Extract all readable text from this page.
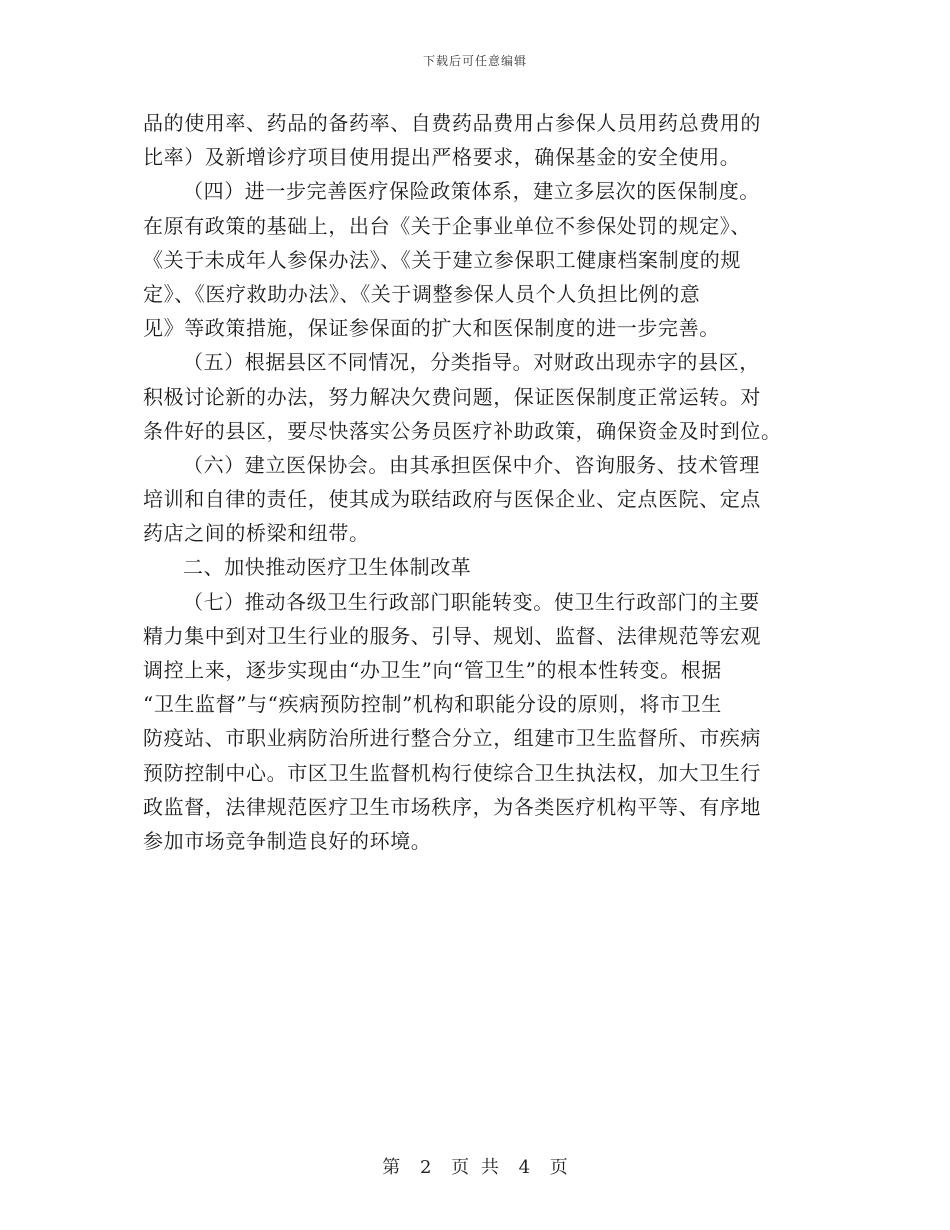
下载后可任意编辑
品的使用率、药品的备药率、自费药品费用占参保人员用药总费用的
比率）及新增诊疗项目使用提出严格要求，确保基金的安全使用。
（四）进一步完善医疗保险政策体系，建立多层次的医保制度。
在原有政策的基础上，出台《关于企事业单位不参保处罚的规定》、
《关于未成年人参保办法》、《关于建立参保职工健康档案制度的规
定》、《医疗救助办法》、《关于调整参保人员个人负担比例的意
见》等政策措施，保证参保面的扩大和医保制度的进一步完善。
（五）根据县区不同情况，分类指导。对财政出现赤字的县区，
积极讨论新的办法，努力解决欠费问题，保证医保制度正常运转。对
条件好的县区，要尽快落实公务员医疗补助政策，确保资金及时到位。
（六）建立医保协会。由其承担医保中介、咨询服务、技术管理
培训和自律的责任，使其成为联结政府与医保企业、定点医院、定点
药店之间的桥梁和纽带。
二、加快推动医疗卫生体制改革
（七）推动各级卫生行政部门职能转变。使卫生行政部门的主要
精力集中到对卫生行业的服务、引导、规划、监督、法律规范等宏观
调控上来，逐步实现由“办卫生”向“管卫生”的根本性转变。根据
“卫生监督”与“疾病预防控制”机构和职能分设的原则，将市卫生
防疫站、市职业病防治所进行整合分立，组建市卫生监督所、市疾病
预防控制中心。市区卫生监督机构行使综合卫生执法权，加大卫生行
政监督，法律规范医疗卫生市场秩序，为各类医疗机构平等、有序地
参加市场竞争制造良好的环境。
第 2 页 共 4 页
